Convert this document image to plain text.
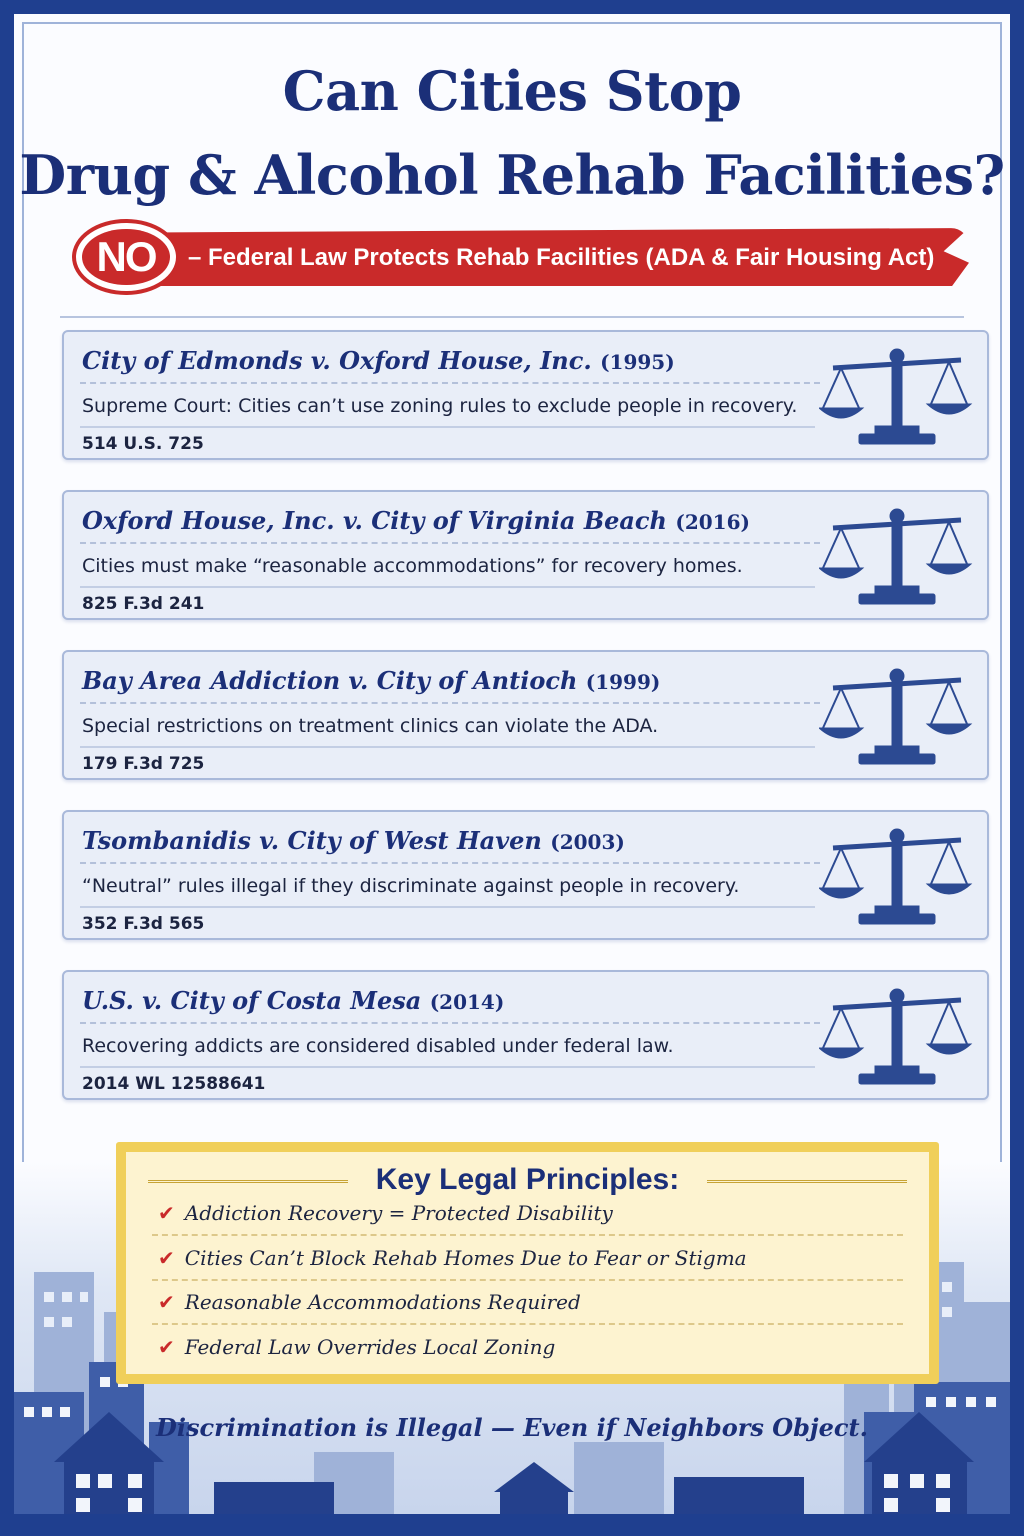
Can Cities Stop
Drug & Alcohol Rehab Facilities?
NO – Federal Law Protects Rehab Facilities (ADA & Fair Housing Act)
City of Edmonds v. Oxford House, Inc. (1995)
Supreme Court: Cities can’t use zoning rules to exclude people in recovery.
514 U.S. 725
Oxford House, Inc. v. City of Virginia Beach (2016)
Cities must make “reasonable accommodations” for recovery homes.
825 F.3d 241
Bay Area Addiction v. City of Antioch (1999)
Special restrictions on treatment clinics can violate the ADA.
179 F.3d 725
Tsombanidis v. City of West Haven (2003)
“Neutral” rules illegal if they discriminate against people in recovery.
352 F.3d 565
U.S. v. City of Costa Mesa (2014)
Recovering addicts are considered disabled under federal law.
2014 WL 12588641
Key Legal Principles:
✔ Addiction Recovery = Protected Disability
✔ Cities Can’t Block Rehab Homes Due to Fear or Stigma
✔ Reasonable Accommodations Required
✔ Federal Law Overrides Local Zoning
Discrimination is Illegal — Even if Neighbors Object.
